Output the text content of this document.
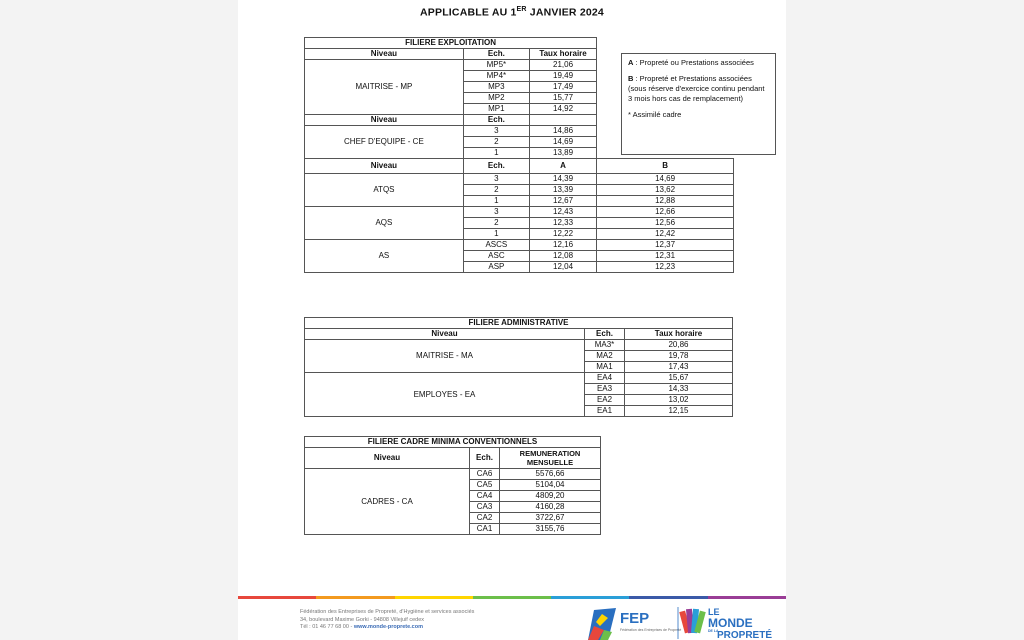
APPLICABLE AU 1ER JANVIER 2024
FILIERE EXPLOITATION			
Niveau	Ech.	Taux horaire	
MAITRISE - MP	MP5*	21,06	
	MP4*	19,49	
	MP3	17,49	
	MP2	15,77	
	MP1	14,92	
Niveau	Ech.		
CHEF D'EQUIPE - CE	3	14,86	
	2	14,69	
	1	13,89	
Niveau	Ech.	A	B
ATQS	3	14,39	14,69
	2	13,39	13,62
	1	12,67	12,88
AQS	3	12,43	12,66
	2	12,33	12,56
	1	12,22	12,42
AS	ASCS	12,16	12,37
	ASC	12,08	12,31
	ASP	12,04	12,23

A : Propreté ou Prestations associées

B : Propreté et Prestations associées (sous réserve d'exercice continu pendant 3 mois hors cas de remplacement)

* Assimilé cadre

FILIERE ADMINISTRATIVE		
Niveau	Ech.	Taux horaire
MAITRISE - MA	MA3*	20,86
	MA2	19,78
	MA1	17,43
EMPLOYES - EA	EA4	15,67
	EA3	14,33
	EA2	13,02
	EA1	12,15
FILIERE CADRE MINIMA CONVENTIONNELS		
Niveau	Ech.	REMUNERATION MENSUELLE
CADRES - CA	CA6	5576,66
	CA5	5104,04
	CA4	4809,20
	CA3	4160,28
	CA2	3722,67
	CA1	3155,76
Fédération des Entreprises de Propreté, d'Hygiène et services associés
34, boulevard Maxime Gorki - 94808 Villejuif cedex
Tél : 01 46 77 68 00 - www.monde-proprete.com	FEP
Fédération des Entreprises de Propreté
LE
MONDE
DE LA
PROPRETÉ
